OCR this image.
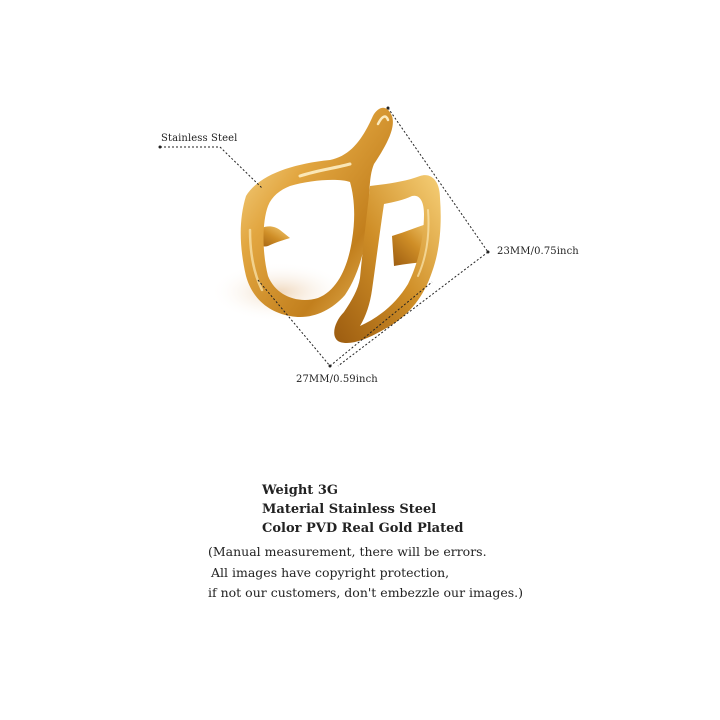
Stainless Steel
23MM/0.75inch
27MM/0.59inch
Weight 3G
Material Stainless Steel
Color PVD Real Gold Plated
(Manual measurement, there will be errors.
All images have copyright protection,
if not our customers, don't embezzle our images.)
